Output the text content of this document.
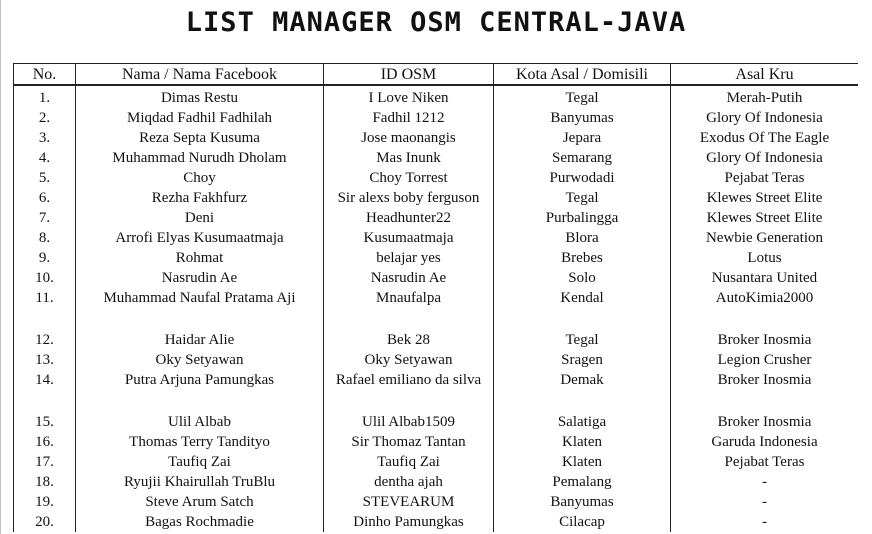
LIST MANAGER OSM CENTRAL-JAVA
No.	Nama / Nama Facebook	ID OSM	Kota Asal / Domisili	Asal Kru
1.	Dimas Restu	I Love Niken	Tegal	Merah-Putih
2.	Miqdad Fadhil Fadhilah	Fadhil 1212	Banyumas	Glory Of Indonesia
3.	Reza Septa Kusuma	Jose maonangis	Jepara	Exodus Of The Eagle
4.	Muhammad Nurudh Dholam	Mas Inunk	Semarang	Glory Of Indonesia
5.	Choy	Choy Torrest	Purwodadi	Pejabat Teras
6.	Rezha Fakhfurz	Sir alexs boby ferguson	Tegal	Klewes Street Elite
7.	Deni	Headhunter22	Purbalingga	Klewes Street Elite
8.	Arrofi Elyas Kusumaatmaja	Kusumaatmaja	Blora	Newbie Generation
9.	Rohmat	belajar yes	Brebes	Lotus
10.	Nasrudin Ae	Nasrudin Ae	Solo	Nusantara United
11.	Muhammad Naufal Pratama Aji	Mnaufalpa	Kendal	AutoKimia2000
12.	Haidar Alie	Bek 28	Tegal	Broker Inosmia
13.	Oky Setyawan	Oky Setyawan	Sragen	Legion Crusher
14.	Putra Arjuna Pamungkas	Rafael emiliano da silva	Demak	Broker Inosmia
15.	Ulil Albab	Ulil Albab1509	Salatiga	Broker Inosmia
16.	Thomas Terry Tandityo	Sir Thomaz Tantan	Klaten	Garuda Indonesia
17.	Taufiq Zai	Taufiq Zai	Klaten	Pejabat Teras
18.	Ryujii Khairullah TruBlu	dentha ajah	Pemalang	-
19.	Steve Arum Satch	STEVEARUM	Banyumas	-
20.	Bagas Rochmadie	Dinho Pamungkas	Cilacap	-
